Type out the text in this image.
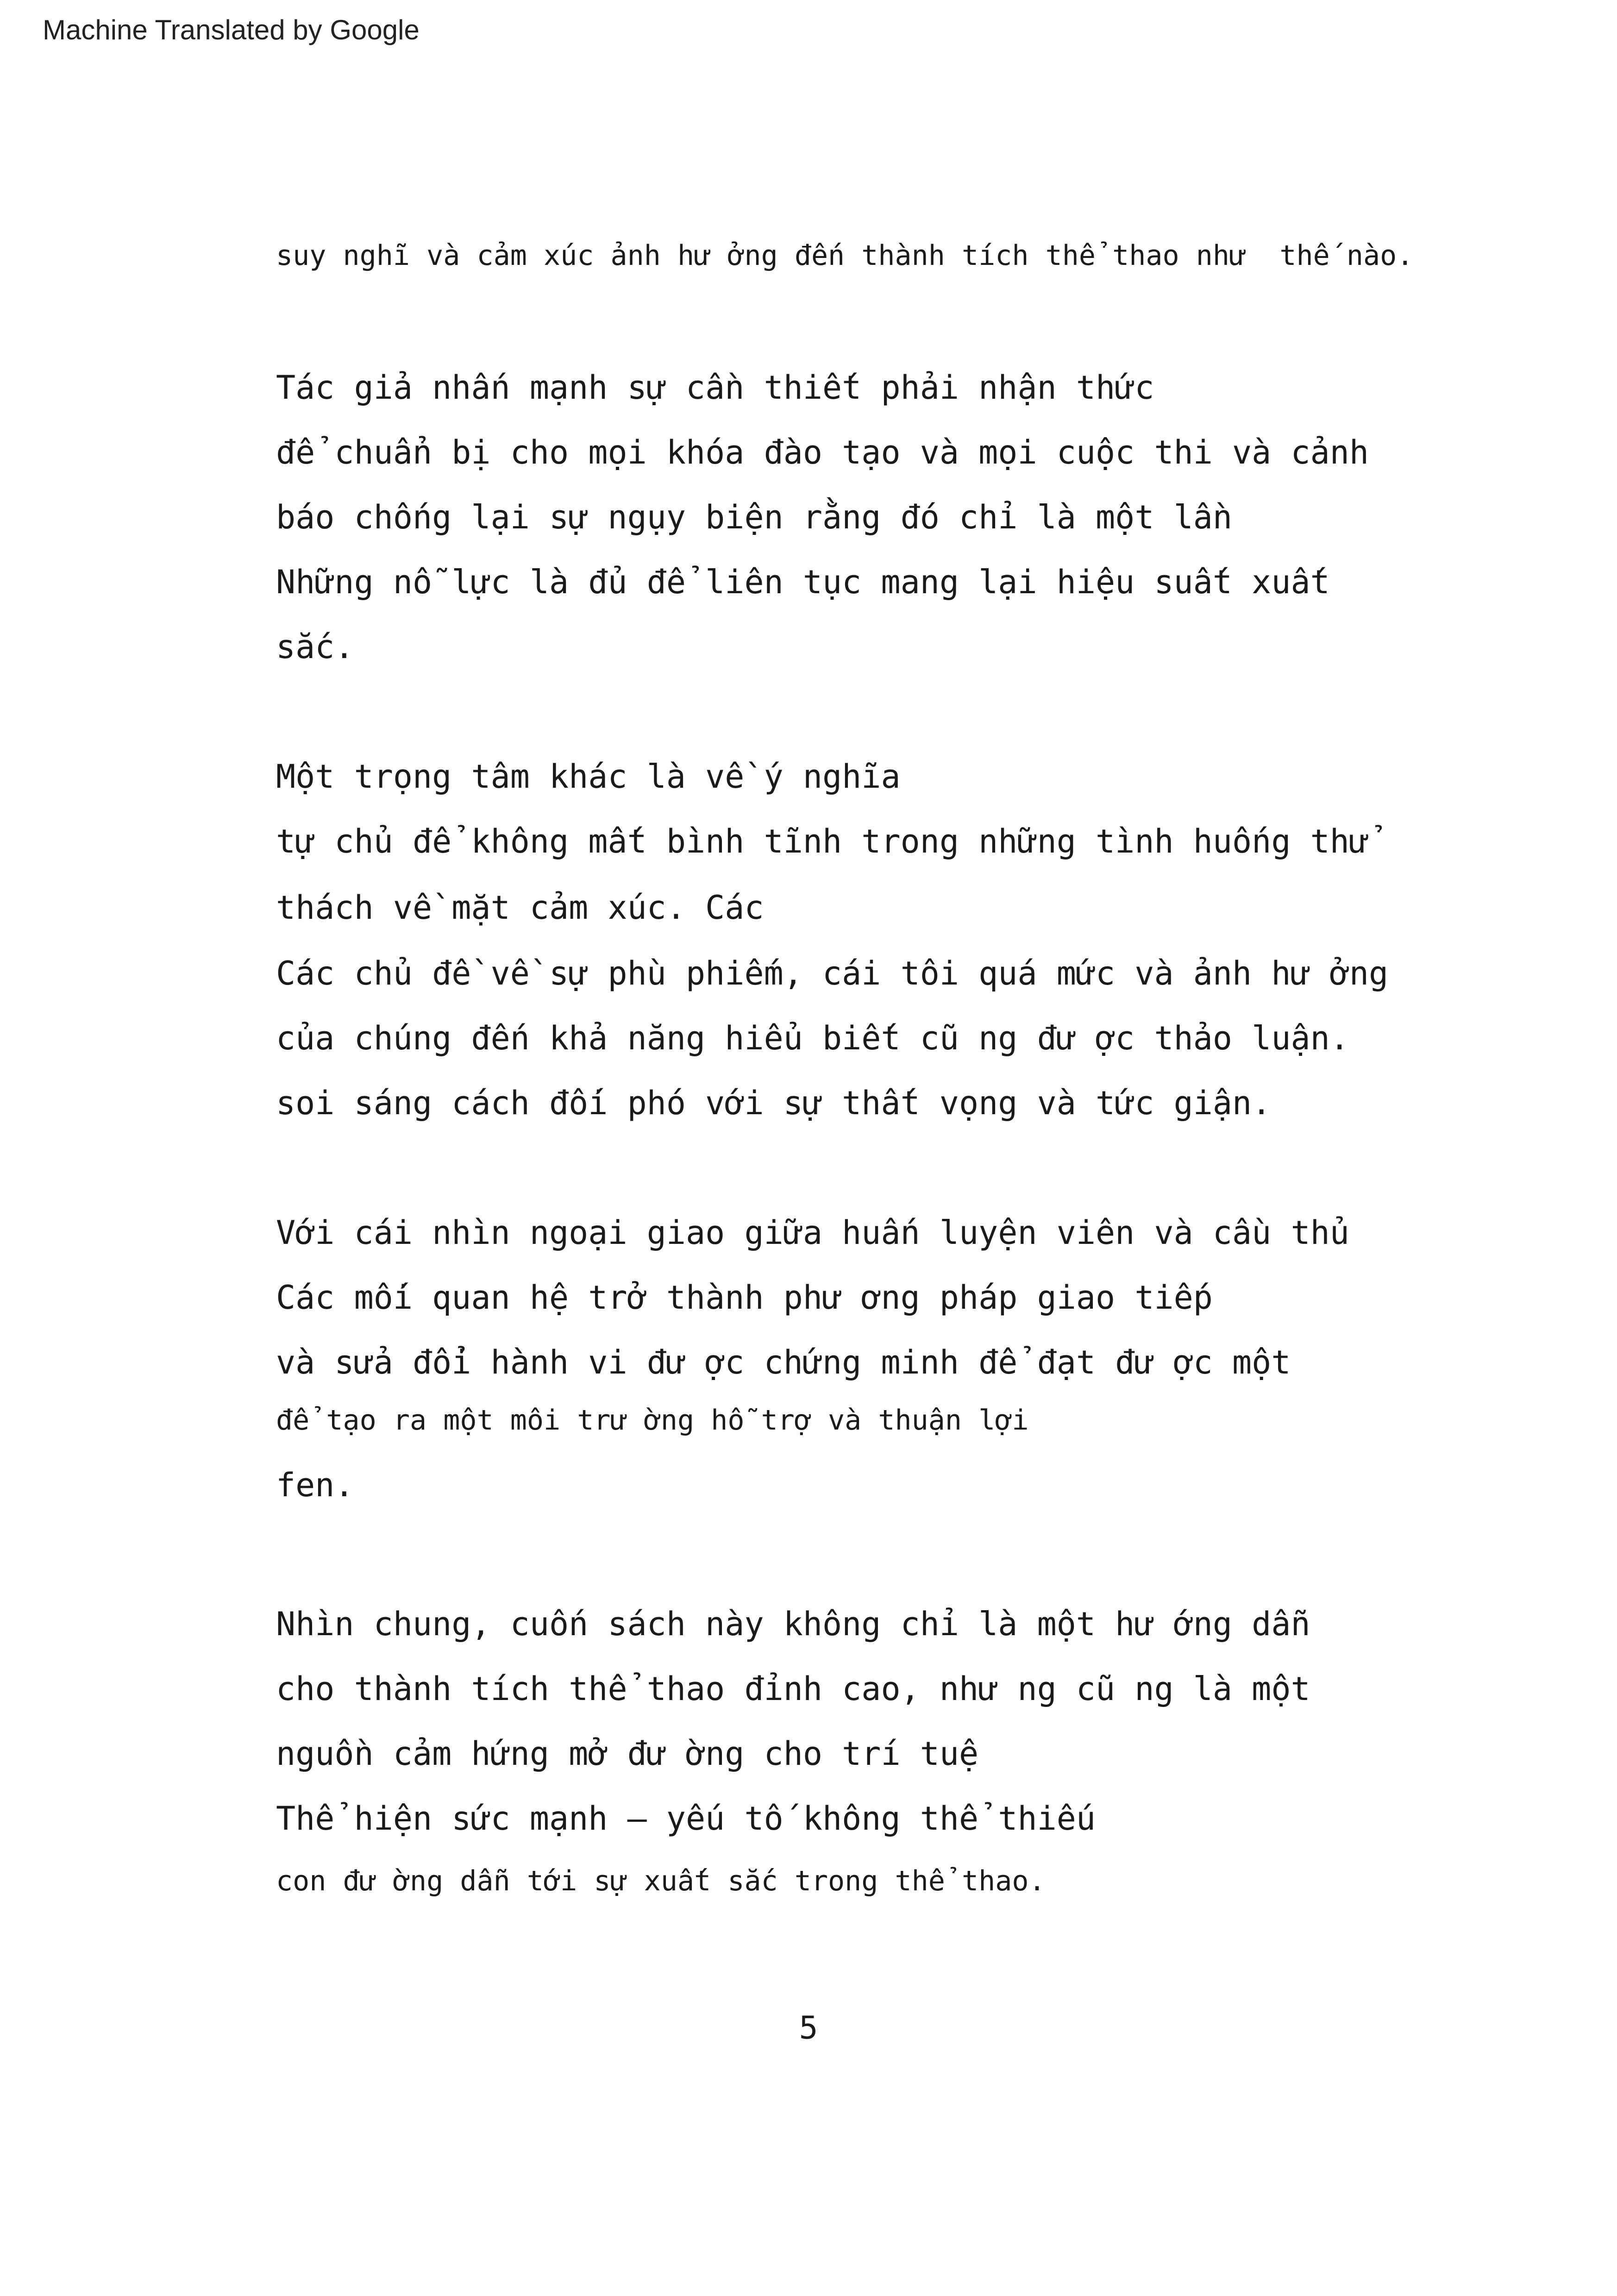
Machine Translated by Google
suy nghĩ và cảm xúc ảnh hư ởng đến thành tích thể thao như  thế nào.
Tác giả nhấn mạnh sự cần thiết phải nhận thức
để chuẩn bị cho mọi khóa đào tạo và mọi cuộc thi và cảnh
báo chống lại sự ngụy biện rằng đó chỉ là một lần
Những nỗ lực là đủ để liên tục mang lại hiệu suất xuất
sắc.
Một trọng tâm khác là về ý nghĩa
tự chủ để không mất bình tĩnh trong những tình huống thử
thách về mặt cảm xúc. Các
Các chủ đề về sự phù phiếm, cái tôi quá mức và ảnh hư ởng
của chúng đến khả năng hiểu biết cũ ng đư ợc thảo luận.
soi sáng cách đối phó với sự thất vọng và tức giận.
Với cái nhìn ngoại giao giữa huấn luyện viên và cầu thủ
Các mối quan hệ trở thành phư ơng pháp giao tiếp
và sửa đổi hành vi đư ợc chứng minh để đạt đư ợc một
để tạo ra một môi trư ờng hỗ trợ và thuận lợi
fen.
Nhìn chung, cuốn sách này không chỉ là một hư ớng dẫn
cho thành tích thể thao đỉnh cao, như ng cũ ng là một
nguồn cảm hứng mở đư ờng cho trí tuệ
Thể hiện sức mạnh – yếu tố không thể thiếu
con đư ờng dẫn tới sự xuất sắc trong thể thao.
5
